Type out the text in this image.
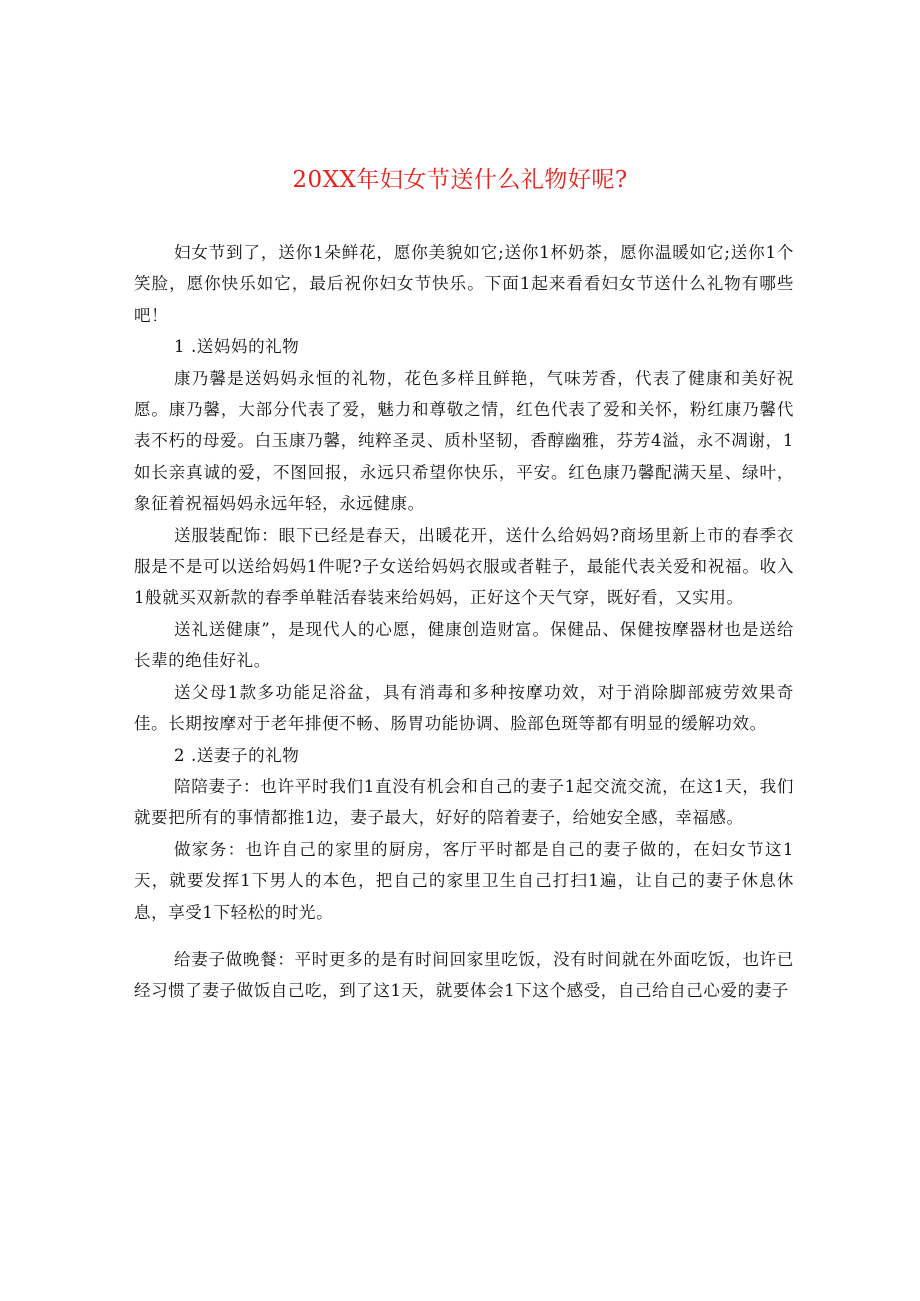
20XX年妇女节送什么礼物好呢?

妇女节到了，送你1朵鲜花，愿你美貌如它;送你1杯奶茶，愿你温暖如它;送你1个笑脸，愿你快乐如它，最后祝你妇女节快乐。下面1起来看看妇女节送什么礼物有哪些吧！

1 .送妈妈的礼物

康乃馨是送妈妈永恒的礼物，花色多样且鲜艳，气味芳香，代表了健康和美好祝愿。康乃馨，大部分代表了爱，魅力和尊敬之情，红色代表了爱和关怀，粉红康乃馨代表不朽的母爱。白玉康乃馨，纯粹圣灵、质朴坚韧，香醇幽雅，芬芳4溢，永不凋谢，1如长亲真诚的爱，不图回报，永远只希望你快乐，平安。红色康乃馨配满天星、绿叶，象征着祝福妈妈永远年轻，永远健康。

送服装配饰：眼下已经是春天，出暖花开，送什么给妈妈?商场里新上市的春季衣服是不是可以送给妈妈1件呢?子女送给妈妈衣服或者鞋子，最能代表关爱和祝福。收入1般就买双新款的春季单鞋活春装来给妈妈，正好这个天气穿，既好看，又实用。

送礼送健康”，是现代人的心愿，健康创造财富。保健品、保健按摩器材也是送给长辈的绝佳好礼。

送父母1款多功能足浴盆，具有消毒和多种按摩功效，对于消除脚部疲劳效果奇佳。长期按摩对于老年排便不畅、肠胃功能协调、脸部色斑等都有明显的缓解功效。

2 .送妻子的礼物

陪陪妻子：也许平时我们1直没有机会和自己的妻子1起交流交流，在这1天，我们就要把所有的事情都推1边，妻子最大，好好的陪着妻子，给她安全感，幸福感。

做家务：也许自己的家里的厨房，客厅平时都是自己的妻子做的，在妇女节这1天，就要发挥1下男人的本色，把自己的家里卫生自己打扫1遍，让自己的妻子休息休息，享受1下轻松的时光。

给妻子做晚餐：平时更多的是有时间回家里吃饭，没有时间就在外面吃饭，也许已经习惯了妻子做饭自己吃，到了这1天，就要体会1下这个感受，自己给自己心爱的妻子
